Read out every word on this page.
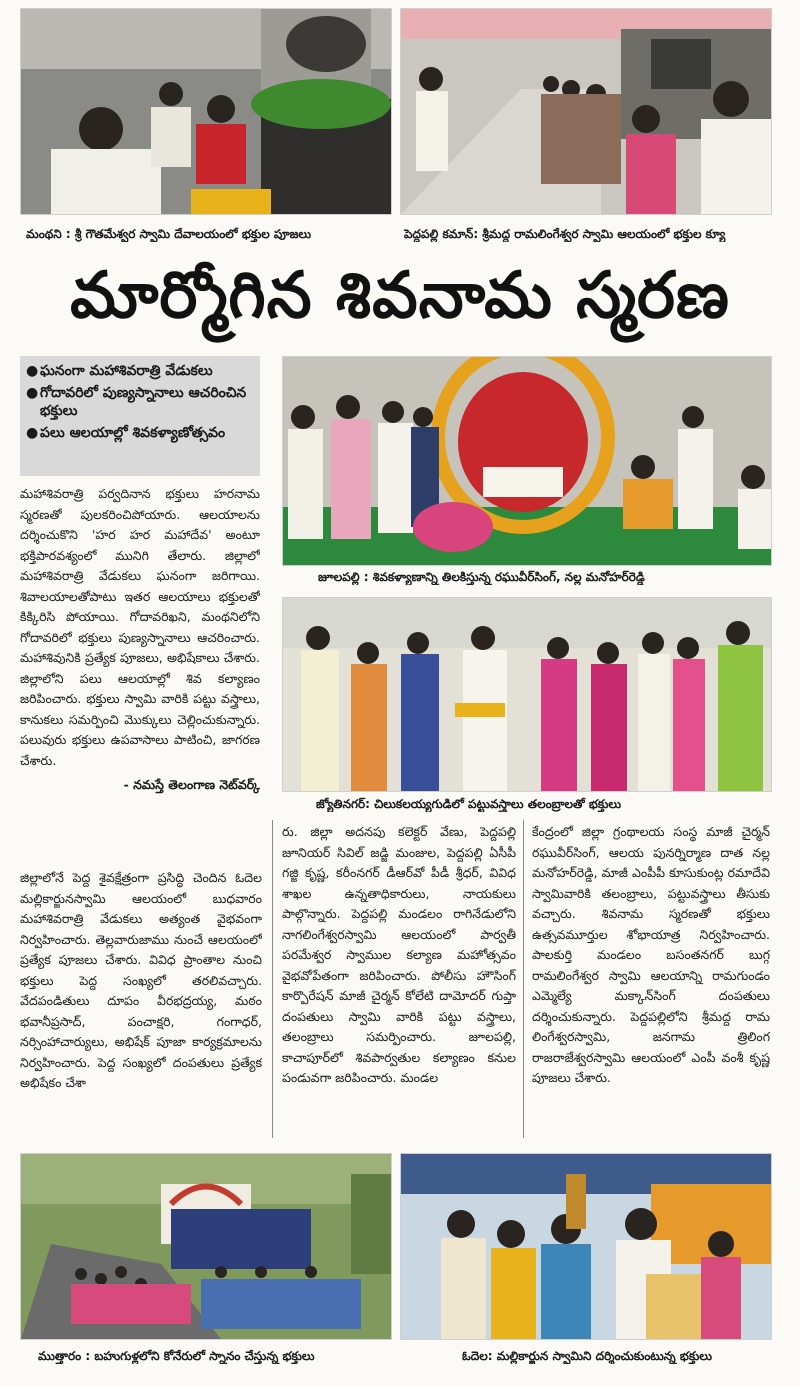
మంథని : శ్రీ గౌతమేశ్వర స్వామి దేవాలయంలో భక్తుల పూజలు	పెద్దపల్లి కమాన్: శ్రీమద్ద రామలింగేశ్వర స్వామి ఆలయంలో భక్తుల క్యూ
మార్మోగిన శివనామ స్మరణ
● ఘనంగా మహాశివరాత్రి వేడుకలు
● గోదావరిలో పుణ్యస్నానాలు ఆచరించిన భక్తులు
● పలు ఆలయాల్లో శివకళ్యాణోత్సవం

మహాశివరాత్రి పర్వదినాన భక్తులు హరనామ స్మరణతో పులకరించిపోయారు. ఆలయాలను దర్శించుకొని 'హర హర మహాదేవ' అంటూ భక్తిపారవశ్యంలో మునిగి తేలారు. జిల్లాలో మహాశివరాత్రి వేడుకలు ఘనంగా జరిగాయి. శివాలయాలతోపాటు ఇతర ఆలయాలు భక్తులతో కిక్కిరిసి పోయాయి. గోదావరిఖని, మంథనిలోని గోదావరిలో భక్తులు పుణ్యస్నానాలు ఆచరించారు. మహాశివునికి ప్రత్యేక పూజలు, అభిషేకాలు చేశారు. జిల్లాలోని పలు ఆలయాల్లో శివ కల్యాణం జరిపించారు. భక్తులు స్వామి వారికి పట్టు వస్త్రాలు, కానుకలు సమర్పించి మొక్కులు చెల్లించుకున్నారు. పలువురు భక్తులు ఉపవాసాలు పాటించి, జాగరణ చేశారు.

- నమస్తే తెలంగాణ నెట్‌వర్క్

జూలపల్లి : శివకళ్యాణాన్ని తిలకిస్తున్న రఘువీర్‌సింగ్, నల్ల మనోహర్‌రెడ్డి
జ్యోతినగర్: చిలుకలయ్యగుడిలో పట్టువస్త్రాలు తలంబ్రాలతో భక్తులు

జిల్లాలోనే పెద్ద శైవక్షేత్రంగా ప్రసిద్ధి చెందిన ఓదెల మల్లికార్జునస్వామి ఆలయంలో బుధవారం మహాశివరాత్రి వేడుకలు అత్యంత వైభవంగా నిర్వహించారు. తెల్లవారుజాము నుంచే ఆలయంలో ప్రత్యేక పూజలు చేశారు. వివిధ ప్రాంతాల నుంచి భక్తులు పెద్ద సంఖ్యలో తరలివచ్చారు. వేదపండితులు దూపం వీరభద్రయ్య, మఠం భవానీప్రసాద్, పంచాక్షరి, గంగాధర్, నర్సింహాచార్యులు, అభిషేక్ పూజా కార్యక్రమాలను నిర్వహించారు. పెద్ద సంఖ్యలో దంపతులు ప్రత్యేక అభిషేకం చేశా

రు. జిల్లా అదనపు కలెక్టర్ వేణు, పెద్దపల్లి జూనియర్ సివిల్ జడ్జి మంజుల, పెద్దపల్లి ఏసీపీ గజ్జి కృష్ణ, కరీంనగర్ డీఆర్‌వో పీడీ శ్రీధర్, వివిధ శాఖల ఉన్నతాధికారులు, నాయకులు పాల్గొన్నారు. పెద్దపల్లి మండలం రాగినేడులోని నాగలింగేశ్వరస్వామి ఆలయంలో పార్వతీ పరమేశ్వర స్వాముల కల్యాణ మహోత్సవం వైభవోపేతంగా జరిపించారు. పోలీసు హౌసింగ్ కార్పొరేషన్ మాజీ చైర్మన్ కోలేటి దామోదర్ గుప్తా దంపతులు స్వామి వారికి పట్టు వస్త్రాలు, తలంబ్రాలు సమర్పించారు. జూలపల్లి, కాచాపూర్‌లో శివపార్వతుల కల్యాణం కనుల పండువగా జరిపించారు. మండల

కేంద్రంలో జిల్లా గ్రంథాలయ సంస్థ మాజీ చైర్మన్ రఘువీర్‌సింగ్, ఆలయ పునర్నిర్మాణ దాత నల్ల మనోహర్‌రెడ్డి, మాజీ ఎంపీపీ కూసుకుంట్ల రమాదేవి స్వామివారికి తలంబ్రాలు, పట్టువస్త్రాలు తీసుకు వచ్చారు. శివనామ స్మరణతో భక్తులు ఉత్సవమూర్తుల శోభాయాత్ర నిర్వహించారు. పాలకుర్తి మండలం బసంతనగర్ బుగ్గ రామలింగేశ్వర స్వామి ఆలయాన్ని రామగుండం ఎమ్మెల్యే మక్కాన్‌సింగ్ దంపతులు దర్శించుకున్నారు. పెద్దపల్లిలోని శ్రీమద్ద రామ లింగేశ్వరస్వామి, జనగామ త్రిలింగ రాజరాజేశ్వరస్వామి ఆలయంలో ఎంపీ వంశీ కృష్ణ పూజలు చేశారు.

ముత్తారం : బహుగుళ్లలోని కోనేరులో స్నానం చేస్తున్న భక్తులు	ఓదెల: మల్లికార్జున స్వామిని దర్శించుకుంటున్న భక్తులు
